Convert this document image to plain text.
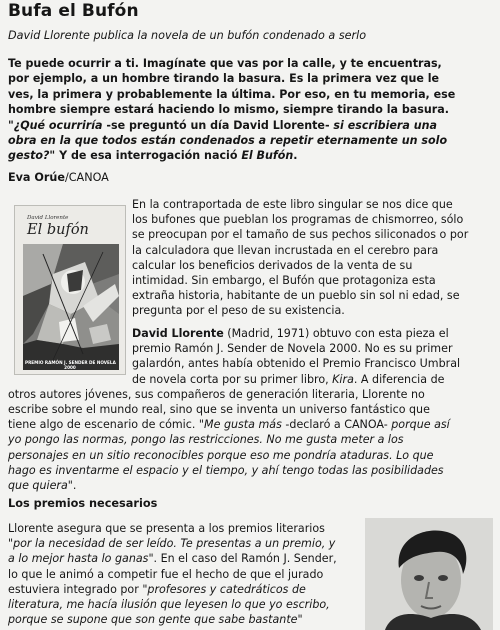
Bufa el Bufón
David Llorente publica la novela de un bufón condenado a serlo
Te puede ocurrir a ti. Imagínate que vas por la calle, y te encuentras,
por ejemplo, a un hombre tirando la basura. Es la primera vez que le
ves, la primera y probablemente la última. Por eso, en tu memoria, ese
hombre siempre estará haciendo lo mismo, siempre tirando la basura.
"¿Qué ocurriría -se preguntó un día David Llorente- si escribiera una
obra en la que todos están condenados a repetir eternamente un solo
gesto?" Y de esa interrogación nació El Bufón.
Eva Orúe/CANOA
David Llorente
El bufón
PREMIO RAMÓN J. SENDER DE NOVELA
2000
En la contraportada de este libro singular se nos dice que
los bufones que pueblan los programas de chismorreo, sólo
se preocupan por el tamaño de sus pechos siliconados o por
la calculadora que llevan incrustada en el cerebro para
calcular los beneficios derivados de la venta de su
intimidad. Sin embargo, el Bufón que protagoniza esta
extraña historia, habitante de un pueblo sin sol ni edad, se
pregunta por el peso de su existencia.
David Llorente (Madrid, 1971) obtuvo con esta pieza el
premio Ramón J. Sender de Novela 2000. No es su primer
galardón, antes había obtenido el Premio Francisco Umbral
de novela corta por su primer libro, Kira. A diferencia de
otros autores jóvenes, sus compañeros de generación literaria, Llorente no
escribe sobre el mundo real, sino que se inventa un universo fantástico que
tiene algo de escenario de cómic. "Me gusta más -declaró a CANOA- porque así
yo pongo las normas, pongo las restricciones. No me gusta meter a los
personajes en un sitio reconocibles porque eso me pondría ataduras. Lo que
hago es inventarme el espacio y el tiempo, y ahí tengo todas las posibilidades
que quiera".
Los premios necesarios
Llorente asegura que se presenta a los premios literarios
"por la necesidad de ser leído. Te presentas a un premio, y
a lo mejor hasta lo ganas". En el caso del Ramón J. Sender,
lo que le animó a competir fue el hecho de que el jurado
estuviera integrado por "profesores y catedráticos de
literatura, me hacía ilusión que leyesen lo que yo escribo,
porque se supone que son gente que sabe bastante"
